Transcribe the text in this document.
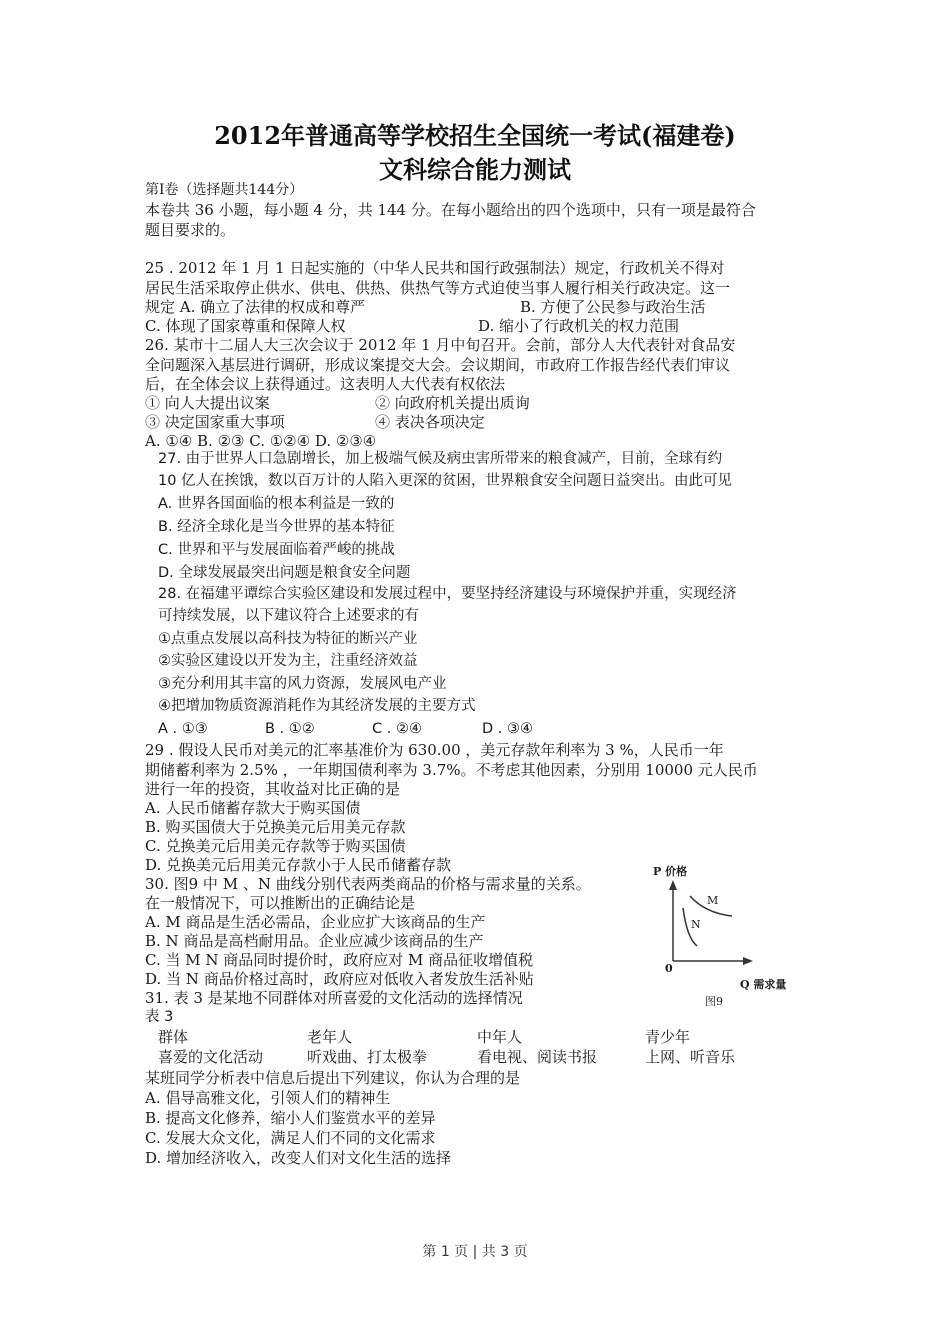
2012年普通高等学校招生全国统一考试(福建卷)
文科综合能力测试
第Ⅰ卷（选择题共144分）
本卷共 36 小题，每小题 4 分，共 144 分。在每小题给出的四个选项中，只有一项是最符合
题目要求的。
25 . 2012 年 1 月 1 日起实施的（中华人民共和国行政强制法）规定，行政机关不得对
居民生活采取停止供水、供电、供热、供热气等方式迫使当事人履行相关行政决定。这一
规定 A. 确立了法律的权成和尊严	B. 方便了公民参与政治生活
C. 体现了国家尊重和保障人权	D. 缩小了行政机关的权力范围
26. 某市十二届人大三次会议于 2012 年 1 月中旬召开。会前，部分人大代表针对食品安
全问题深入基层进行调研，形成议案提交大会。会议期间，市政府工作报告经代表们审议
后，在全体会议上获得通过。这表明人大代表有权依法
① 向人大提出议案	② 向政府机关提出质询
③ 决定国家重大事项	④ 表决各项决定
A. ①④ B. ②③ C. ①②④ D. ②③④
27. 由于世界人口急剧增长，加上极端气候及病虫害所带来的粮食减产，目前，全球有约
10 亿人在挨饿，数以百万计的人陷入更深的贫困，世界粮食安全问题日益突出。由此可见
A. 世界各国面临的根本利益是一致的
B. 经济全球化是当今世界的基本特征
C. 世界和平与发展面临着严峻的挑战
D. 全球发展最突出问题是粮食安全问题
28. 在福建平谭综合实验区建设和发展过程中，要坚持经济建设与环境保护并重，实现经济
可持续发展，以下建议符合上述要求的有
①点重点发展以高科技为特征的断兴产业
②实验区建设以开发为主，注重经济效益
③充分利用其丰富的风力资源，发展风电产业
④把增加物质资源消耗作为其经济发展的主要方式
A . ①③	B . ①②	C . ②④	D . ③④
29 . 假设人民币对美元的汇率基准价为 630.00 ，美元存款年利率为 3 %，人民币一年
期储蓄利率为 2.5% ，一年期国债利率为 3.7%。不考虑其他因素，分别用 10000 元人民币
进行一年的投资，其收益对比正确的是
A. 人民币储蓄存款大于购买国债
B. 购买国债大于兑换美元后用美元存款
C. 兑换美元后用美元存款等于购买国债
D. 兑换美元后用美元存款小于人民币储蓄存款
30. 图9 中 M 、N 曲线分别代表两类商品的价格与需求量的关系。
在一般情况下，可以推断出的正确结论是
A. M 商品是生活必需品，企业应扩大该商品的生产
B. N 商品是高档耐用品。企业应减少该商品的生产
C. 当 M N 商品同时提价时，政府应对 M 商品征收增值税
D. 当 N 商品价格过高时，政府应对低收入者发放生活补贴
P 价格
M
N
0
Q 需求量
图9
31. 表 3 是某地不同群体对所喜爱的文化活动的选择情况
表 3
群体	老年人	中年人	青少年
喜爱的文化活动	听戏曲、打太极拳	看电视、阅读书报	上网、听音乐
某班同学分析表中信息后提出下列建议，你认为合理的是
A. 倡导高雅文化，引领人们的精神生
B. 提高文化修养，缩小人们鉴赏水平的差异
C. 发展大众文化，满足人们不同的文化需求
D. 增加经济收入，改变人们对文化生活的选择
第 1 页 | 共 3 页
